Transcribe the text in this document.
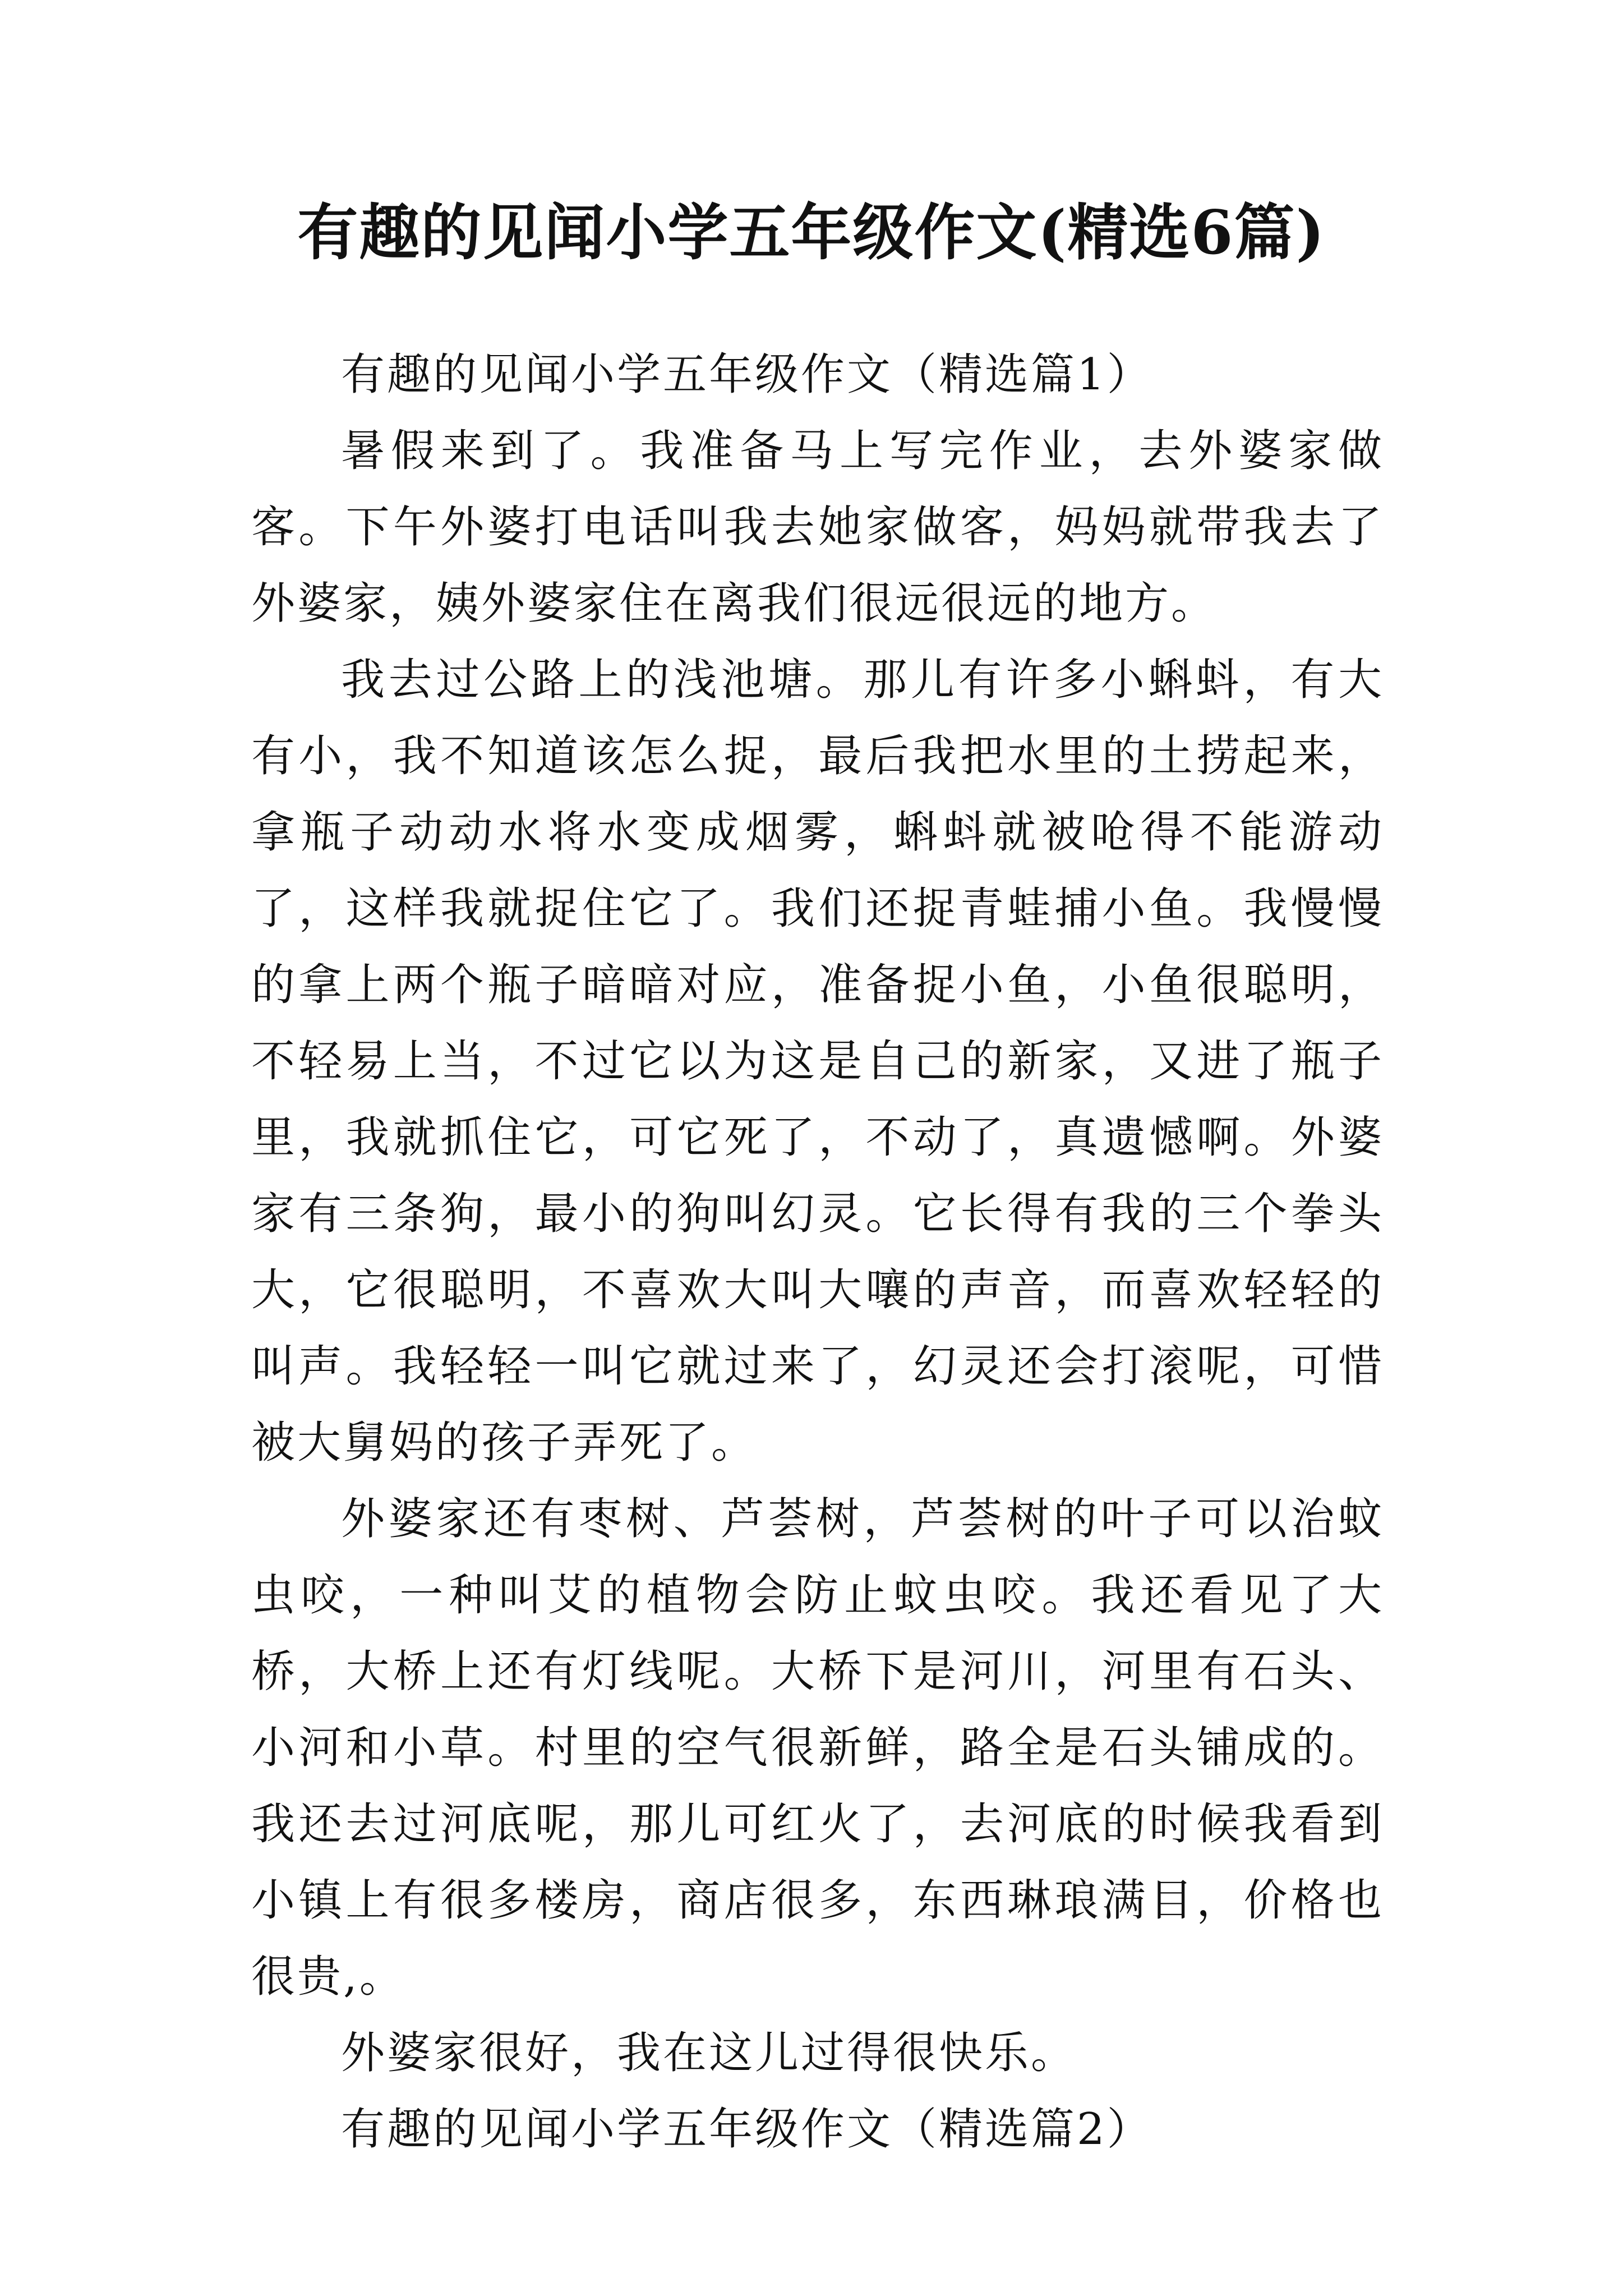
有趣的见闻小学五年级作文(精选6篇)

有趣的见闻小学五年级作文（精选篇1）

暑假来到了。我准备马上写完作业，去外婆家做客。下午外婆打电话叫我去她家做客，妈妈就带我去了外婆家，姨外婆家住在离我们很远很远的地方。

我去过公路上的浅池塘。那儿有许多小蝌蚪，有大有小，我不知道该怎么捉，最后我把水里的土捞起来，拿瓶子动动水将水变成烟雾，蝌蚪就被呛得不能游动了，这样我就捉住它了。我们还捉青蛙捕小鱼。我慢慢的拿上两个瓶子暗暗对应，准备捉小鱼，小鱼很聪明，不轻易上当，不过它以为这是自己的新家，又进了瓶子里，我就抓住它，可它死了，不动了，真遗憾啊。外婆家有三条狗，最小的狗叫幻灵。它长得有我的三个拳头大，它很聪明，不喜欢大叫大嚷的声音，而喜欢轻轻的叫声。我轻轻一叫它就过来了，幻灵还会打滚呢，可惜被大舅妈的孩子弄死了。

外婆家还有枣树、芦荟树，芦荟树的叶子可以治蚊虫咬，一种叫艾的植物会防止蚊虫咬。我还看见了大桥，大桥上还有灯线呢。大桥下是河川，河里有石头、小河和小草。村里的空气很新鲜，路全是石头铺成的。我还去过河底呢，那儿可红火了，去河底的时候我看到小镇上有很多楼房，商店很多，东西琳琅满目，价格也很贵,。

外婆家很好，我在这儿过得很快乐。

有趣的见闻小学五年级作文（精选篇2）
